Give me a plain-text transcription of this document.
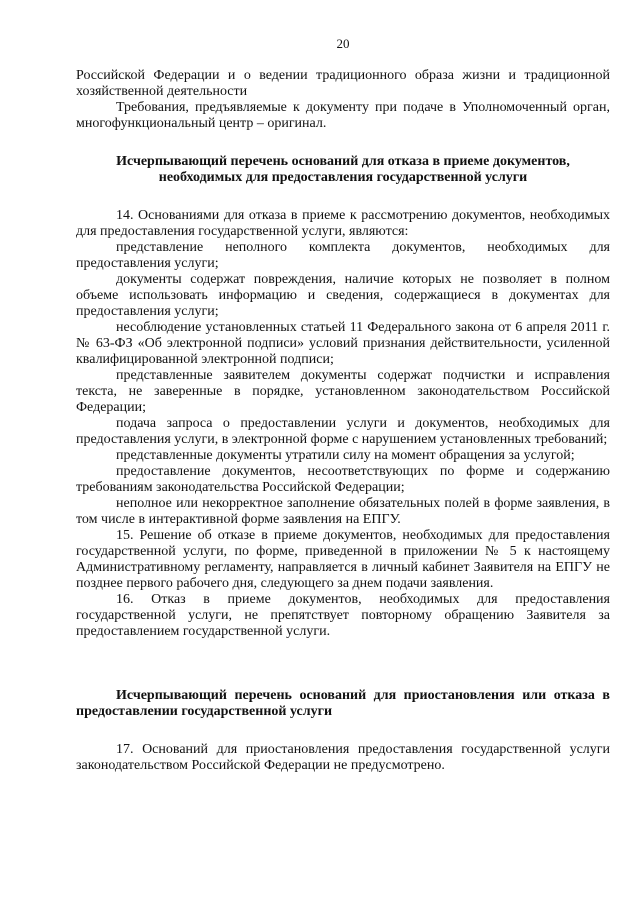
20

Российской Федерации и о ведении традиционного образа жизни и традиционной хозяйственной деятельности

Требования, предъявляемые к документу при подаче в Уполномоченный орган, многофункциональный центр – оригинал.

Исчерпывающий перечень оснований для отказа в приеме документов, необходимых для предоставления государственной услуги

14. Основаниями для отказа в приеме к рассмотрению документов, необходимых для предоставления государственной услуги, являются:

представление неполного комплекта документов, необходимых для предоставления услуги;

документы содержат повреждения, наличие которых не позволяет в полном объеме использовать информацию и сведения, содержащиеся в документах для предоставления услуги;

несоблюдение установленных статьей 11 Федерального закона от 6 апреля 2011 г. № 63-ФЗ «Об электронной подписи» условий признания действительности, усиленной квалифицированной электронной подписи;

представленные заявителем документы содержат подчистки и исправления текста, не заверенные в порядке, установленном законодательством Российской Федерации;

подача запроса о предоставлении услуги и документов, необходимых для предоставления услуги, в электронной форме с нарушением установленных требований;

представленные документы утратили силу на момент обращения за услугой;

предоставление документов, несоответствующих по форме и содержанию требованиям законодательства Российской Федерации;

неполное или некорректное заполнение обязательных полей в форме заявления, в том числе в интерактивной форме заявления на ЕПГУ.

15. Решение об отказе в приеме документов, необходимых для предоставления государственной услуги, по форме, приведенной в приложении № 5 к настоящему Административному регламенту, направляется в личный кабинет Заявителя на ЕПГУ не позднее первого рабочего дня, следующего за днем подачи заявления.

16. Отказ в приеме документов, необходимых для предоставления государственной услуги, не препятствует повторному обращению Заявителя за предоставлением государственной услуги.

Исчерпывающий перечень оснований для приостановления или отказа в предоставлении государственной услуги

17. Оснований для приостановления предоставления государственной услуги законодательством Российской Федерации не предусмотрено.
